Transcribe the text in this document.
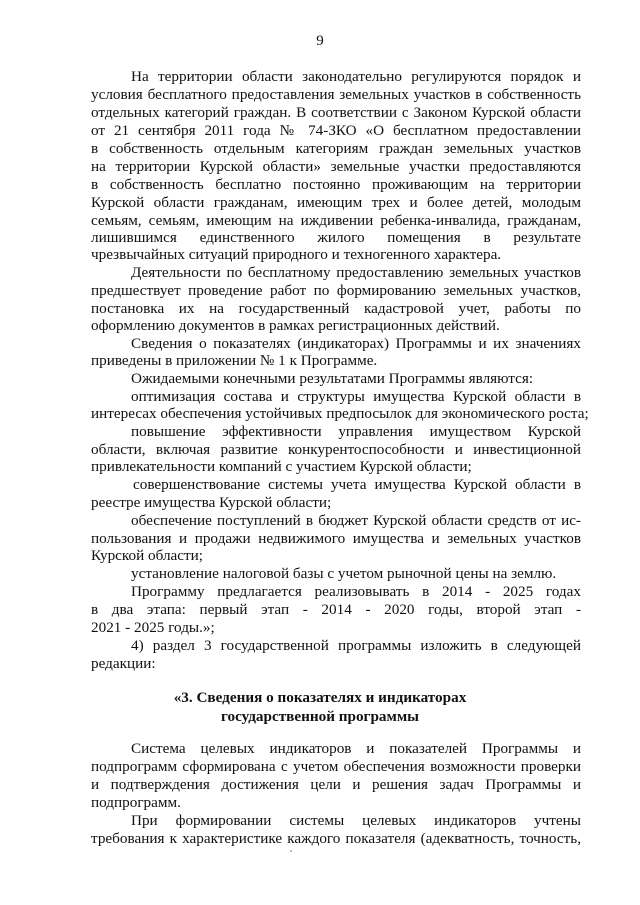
9
На территории области законодательно регулируются порядок и
условия бесплатного предоставления земельных участков в собственность
отдельных категорий граждан. В соответствии с Законом Курской области
от 21 сентября 2011 года № 74-ЗКО «О бесплатном предоставлении
в собственность отдельным категориям граждан земельных участков
на территории Курской области» земельные участки предоставляются
в собственность бесплатно постоянно проживающим на территории
Курской области гражданам, имеющим трех и более детей, молодым
семьям, семьям, имеющим на иждивении ребенка-инвалида, гражданам,
лишившимся единственного жилого помещения в результате
чрезвычайных ситуаций природного и техногенного характера.
Деятельности по бесплатному предоставлению земельных участков
предшествует проведение работ по формированию земельных участков,
постановка их на государственный кадастровой учет, работы по
оформлению документов в рамках регистрационных действий.
Сведения о показателях (индикаторах) Программы и их значениях
приведены в приложении № 1 к Программе.
Ожидаемыми конечными результатами Программы являются:
оптимизация состава и структуры имущества Курской области в
интересах обеспечения устойчивых предпосылок для экономического роста;
повышение эффективности управления имуществом Курской
области, включая развитие конкурентоспособности и инвестиционной
привлекательности компаний с участием Курской области;
совершенствование системы учета имущества Курской области в
реестре имущества Курской области;
обеспечение поступлений в бюджет Курской области средств от ис-
пользования и продажи недвижимого имущества и земельных участков
Курской области;
установление налоговой базы с учетом рыночной цены на землю.
Программу предлагается реализовывать в 2014 - 2025 годах
в два этапа: первый этап - 2014 - 2020 годы, второй этап -
2021 - 2025 годы.»;
4) раздел 3 государственной программы изложить в следующей
редакции:
«3. Сведения о показателях и индикаторах
государственной программы
Система целевых индикаторов и показателей Программы и
подпрограмм сформирована с учетом обеспечения возможности проверки
и подтверждения достижения цели и решения задач Программы и
подпрограмм.
При формировании системы целевых индикаторов учтены
требования к характеристике каждого показателя (адекватность, точность,
